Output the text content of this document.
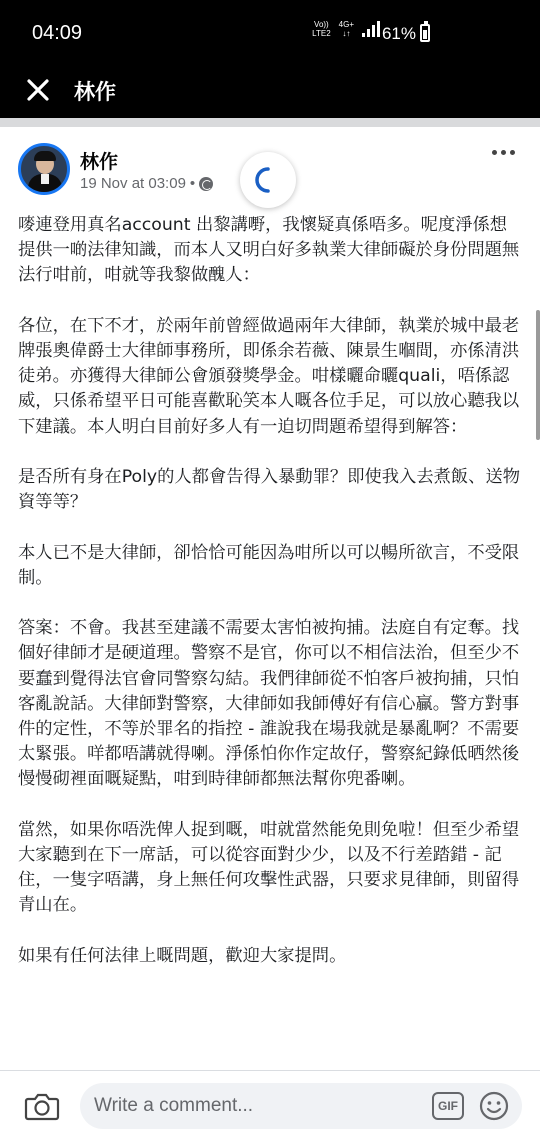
04:09	Vo))
LTE2
4G+
↓↑ 61%
林作
林作
19 Nov at 03:09 •

嘜連登用真名account 出黎講嘢，我懷疑真係唔多。呢度淨係想提供一啲法律知識，而本人又明白好多執業大律師礙於身份問題無法行咁前，咁就等我黎做醜人：

各位，在下不才，於兩年前曾經做過兩年大律師，執業於城中最老牌張奧偉爵士大律師事務所，即係余若薇、陳景生嗰間，亦係清洪徒弟。亦獲得大律師公會頒發獎學金。咁樣曬命曬quali，唔係認威，只係希望平日可能喜歡恥笑本人嘅各位手足，可以放心聽我以下建議。本人明白目前好多人有一迫切問題希望得到解答：

是否所有身在Poly的人都會告得入暴動罪？即使我入去煮飯、送物資等等？

本人已不是大律師，卻恰恰可能因為咁所以可以暢所欲言，不受限制。

答案：不會。我甚至建議不需要太害怕被拘捕。法庭自有定奪。找個好律師才是硬道理。警察不是官，你可以不相信法治，但至少不要蠢到覺得法官會同警察勾結。我們律師從不怕客戶被拘捕，只怕客亂說話。大律師對警察，大律師如我師傅好有信心贏。警方對事件的定性，不等於罪名的指控 - 誰說我在場我就是暴亂啊？不需要太緊張。咩都唔講就得喇。淨係怕你作定故仔，警察紀錄低晒然後慢慢砌裡面嘅疑點，咁到時律師都無法幫你兜番喇。

當然，如果你唔洗俾人捉到嘅，咁就當然能免則免啦！但至少希望大家聽到在下一席話，可以從容面對少少，以及不行差踏錯 - 記住，一隻字唔講，身上無任何攻擊性武器，只要求見律師，則留得青山在。

如果有任何法律上嘅問題，歡迎大家提問。

Write a comment...	GIF
